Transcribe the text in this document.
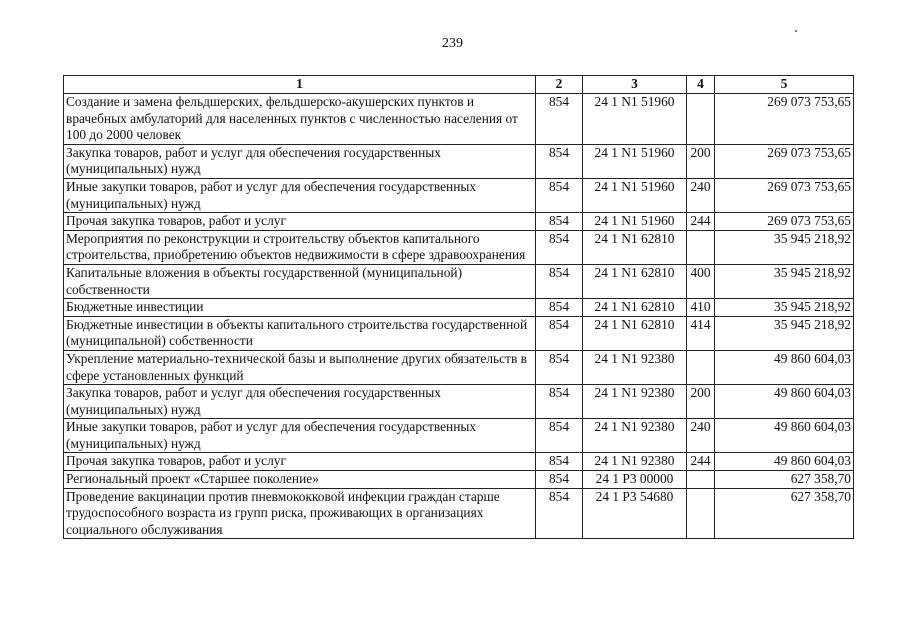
239
1	2	3	4	5
Создание и замена фельдшерских, фельдшерско-акушерских пунктов и врачебных амбулаторий для населенных пунктов с численностью населения от 100 до 2000 человек	854	24 1 N1 51960		269 073 753,65
Закупка товаров, работ и услуг для обеспечения государственных (муниципальных) нужд	854	24 1 N1 51960	200	269 073 753,65
Иные закупки товаров, работ и услуг для обеспечения государственных (муниципальных) нужд	854	24 1 N1 51960	240	269 073 753,65
Прочая закупка товаров, работ и услуг	854	24 1 N1 51960	244	269 073 753,65
Мероприятия по реконструкции и строительству объектов капитального строительства, приобретению объектов недвижимости в сфере здравоохранения	854	24 1 N1 62810		35 945 218,92
Капитальные вложения в объекты государственной (муниципальной) собственности	854	24 1 N1 62810	400	35 945 218,92
Бюджетные инвестиции	854	24 1 N1 62810	410	35 945 218,92
Бюджетные инвестиции в объекты капитального строительства государственной (муниципальной) собственности	854	24 1 N1 62810	414	35 945 218,92
Укрепление материально-технической базы и выполнение других обязательств в сфере установленных функций	854	24 1 N1 92380		49 860 604,03
Закупка товаров, работ и услуг для обеспечения государственных (муниципальных) нужд	854	24 1 N1 92380	200	49 860 604,03
Иные закупки товаров, работ и услуг для обеспечения государственных (муниципальных) нужд	854	24 1 N1 92380	240	49 860 604,03
Прочая закупка товаров, работ и услуг	854	24 1 N1 92380	244	49 860 604,03
Региональный проект «Старшее поколение»	854	24 1 P3 00000		627 358,70
Проведение вакцинации против пневмококковой инфекции граждан старше трудоспособного возраста из групп риска, проживающих в организациях социального обслуживания	854	24 1 P3 54680		627 358,70
